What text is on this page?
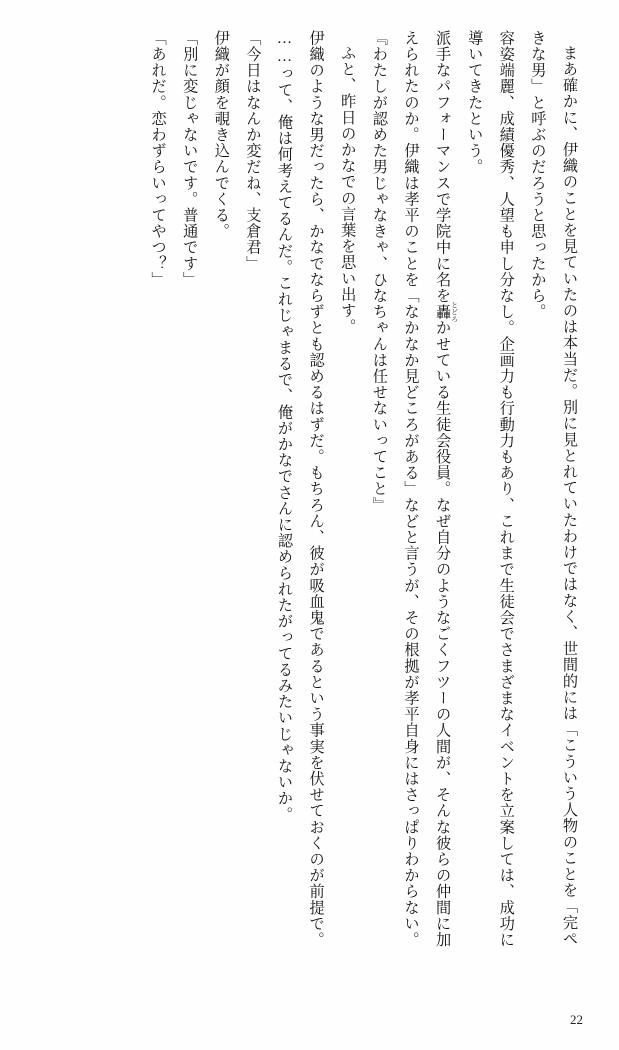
まあ確かに、伊織のことを見ていたのは本当だ。別に見とれていたわけではなく、世間的には「こういう人物のことを「完ぺきな男」と呼ぶのだろうと思ったから。

容姿端麗、成績優秀、人望も申し分なし。企画力も行動力もあり、これまで生徒会でさまざまなイベントを立案しては、成功に導いてきたという。

派手なパフォーマンスで学院中に名を轟 とどろかせている生徒会役員。なぜ自分のようなごくフツーの人間が、そんな彼らの仲間に加えられたのか。伊織は孝平のことを「なかなか見どころがある」などと言うが、その根拠が孝平自身にはさっぱりわからない。

『わたしが認めた男じゃなきゃ、ひなちゃんは任せないってこと』

ふと、昨日のかなでの言葉を思い出す。

伊織のような男だったら、かなでならずとも認めるはずだ。もちろん、彼が吸血鬼であるという事実を伏せておくのが前提で。

……って、俺は何考えてるんだ。これじゃまるで、俺がかなでさんに認められたがってるみたいじゃないか。

「今日はなんか変だね、支倉君」

伊織が顔を覗き込んでくる。

「別に変じゃないです。普通です」

「あれだ。恋わずらいってやつ？」

22
